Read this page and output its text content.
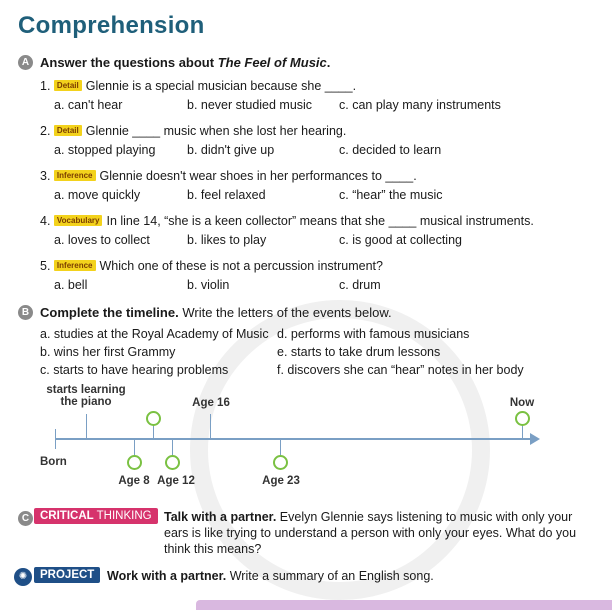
Comprehension
A Answer the questions about The Feel of Music.
1. Detail Glennie is a special musician because she ____.
a. can't hear	b. never studied music c. can play many instruments
2. Detail Glennie ____ music when she lost her hearing.
a. stopped playing	b. didn't give up	c. decided to learn
3. Inference Glennie doesn't wear shoes in her performances to ____.
a. move quickly	b. feel relaxed	c. “hear” the music
4. Vocabulary In line 14, “she is a keen collector” means that she ____ musical instruments.
a. loves to collect	b. likes to play	c. is good at collecting
5. Inference Which one of these is not a percussion instrument?
a. bell	b. violin	c. drum
B Complete the timeline. Write the letters of the events below.
a. studies at the Royal Academy of Music
b. wins her first Grammy
c. starts to have hearing problems
d. performs with famous musicians
e. starts to take drum lessons
f. discovers she can “hear” notes in her body
starts learning
the piano	Age 16	Now
Born
Age 8 Age 12	Age 23
C CRITICAL THINKING Talk with a partner. Evelyn Glennie says listening to music with only your ears is like trying to understand a person with only your eyes. What do you think this means?
✺	PROJECT	Work with a partner. Write a summary of an English song.
